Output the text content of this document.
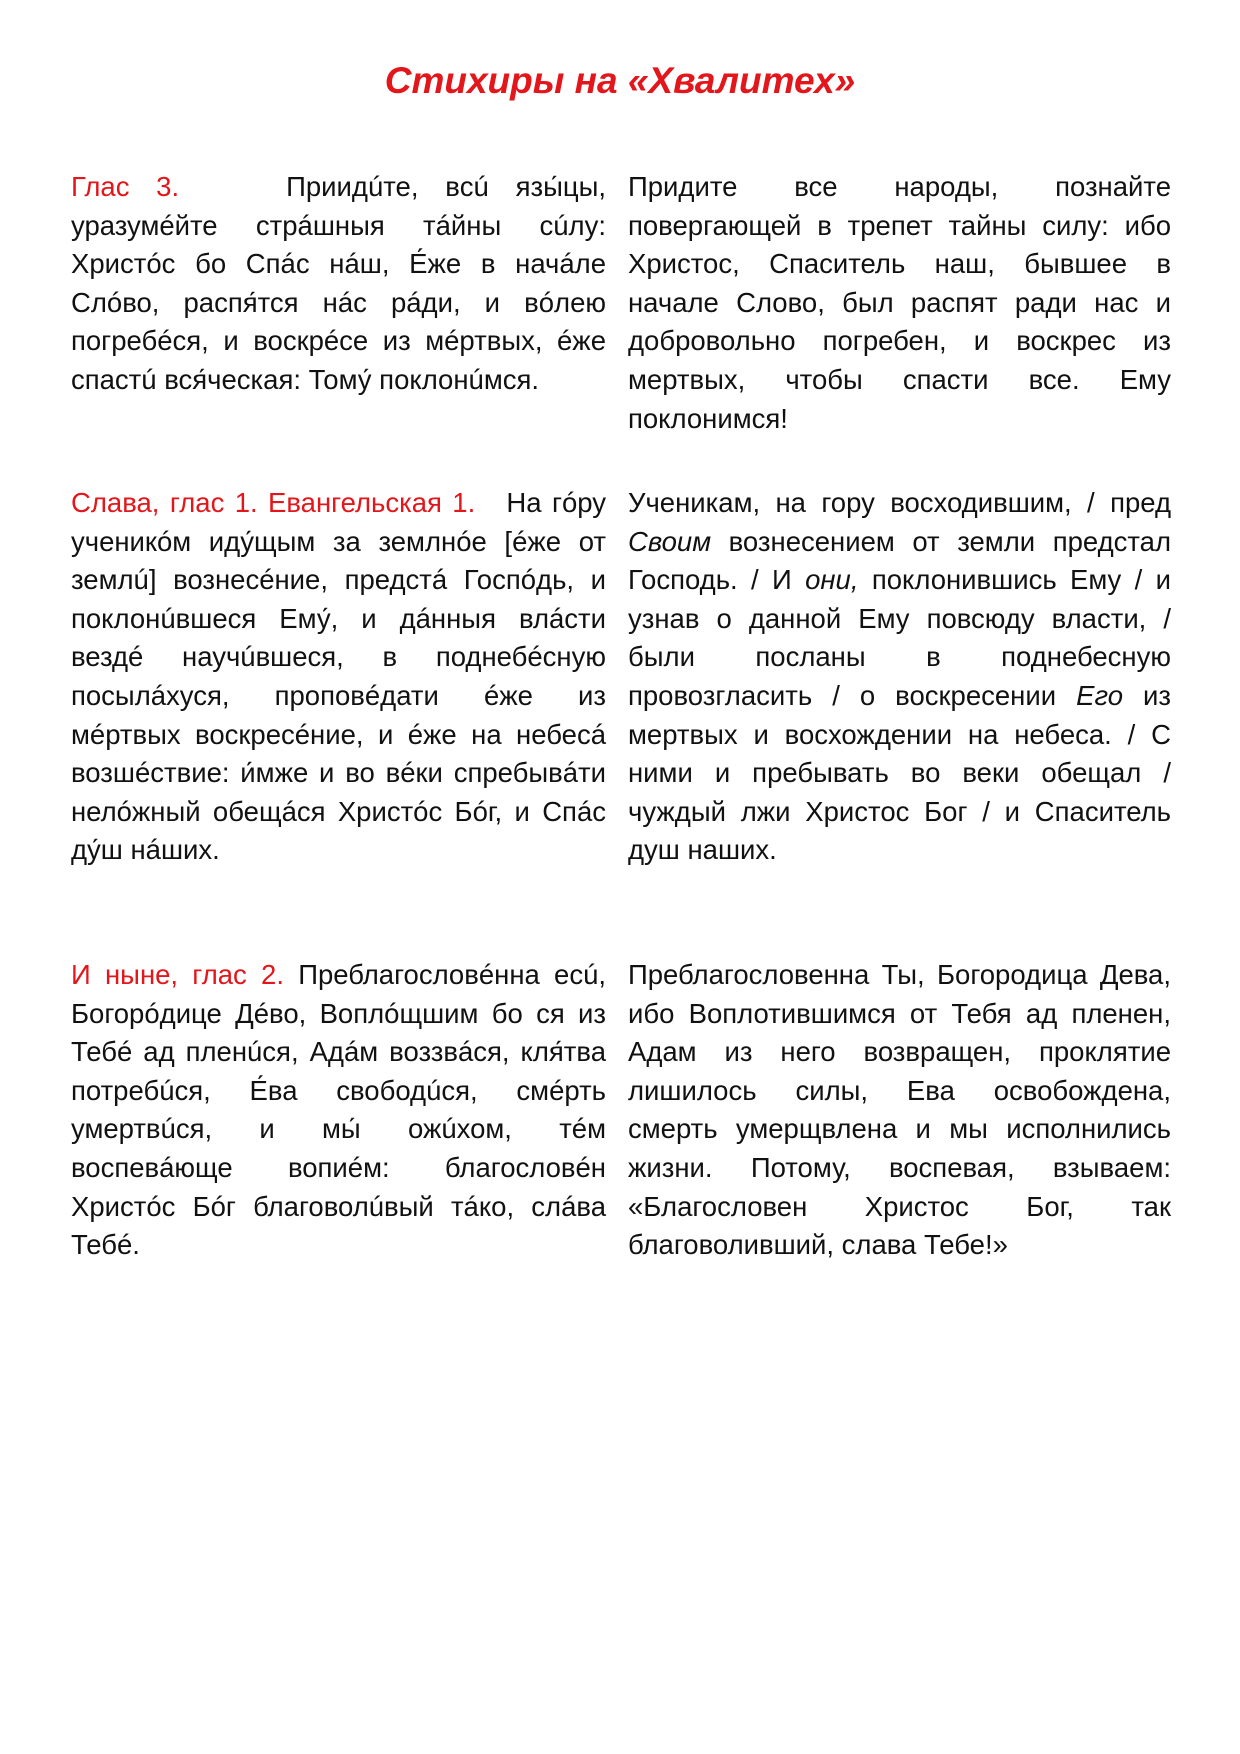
Стихиры на «Хвалитех»
Глас 3.	Приидúте, вcú язы́цы, уразумéйте стрáшныя тáйны сúлу: Христóс бо Спáс нáш, Е́же в начáле Слóво, распя́тся нáс рáди, и вóлею погребéся, и воскрéсе из мéртвых, éже спастú вся́ческая: Тому́ поклонúмся.
Придите все народы, познайте повергающей в трепет тайны силу: ибо Христос, Спаситель наш, бывшее в начале Слово, был распят ради нас и добровольно погребен, и воскрес из мертвых, чтобы спасти все. Ему поклонимся!
Слава, глас 1. Евангельская 1. На гóру ученикóм иду́щым за землнóе [éже от землú] вознесéние, предстá Госпóдь, и поклонúвшеся Ему́, и дáнныя влáсти вездé научúвшеся, в поднебéсную посылáхуся, проповéдати éже из мéртвых воскресéние, и éже на небесá возшéствие: и́мже и во вéки спребывáти нелóжный обещáся Христóс Бóг, и Спáс ду́ш нáших.
Ученикам, на гору восходившим, / пред Своим вознесением от земли предстал Господь. / И они, поклонившись Ему / и узнав о данной Ему повсюду власти, / были посланы в поднебесную провозгласить / о воскресении Его из мертвых и восхождении на небеса. / С ними и пребывать во веки обещал / чуждый лжи Христос Бог / и Спаситель душ наших.
И ныне, глас 2. Преблагословéнна есú, Богорóдице Дéво, Воплóщшим бо ся из Тебé ад пленúся, Адáм воззвáся, кля́тва потребúся, Е́ва свободúся, смéрть умертвúся, и мы́ ожúхом, тéм воспевáюще вопиéм: благословéн Христóс Бóг благоволúвый тáко, слáва Тебé.
Преблагословенна Ты, Богородица Дева, ибо Воплотившимся от Тебя ад пленен, Адам из него возвращен, проклятие лишилось силы, Ева освобождена, смерть умерщвлена и мы исполнились жизни. Потому, воспевая, взываем: «Благословен Христос Бог, так благоволивший, слава Тебе!»
